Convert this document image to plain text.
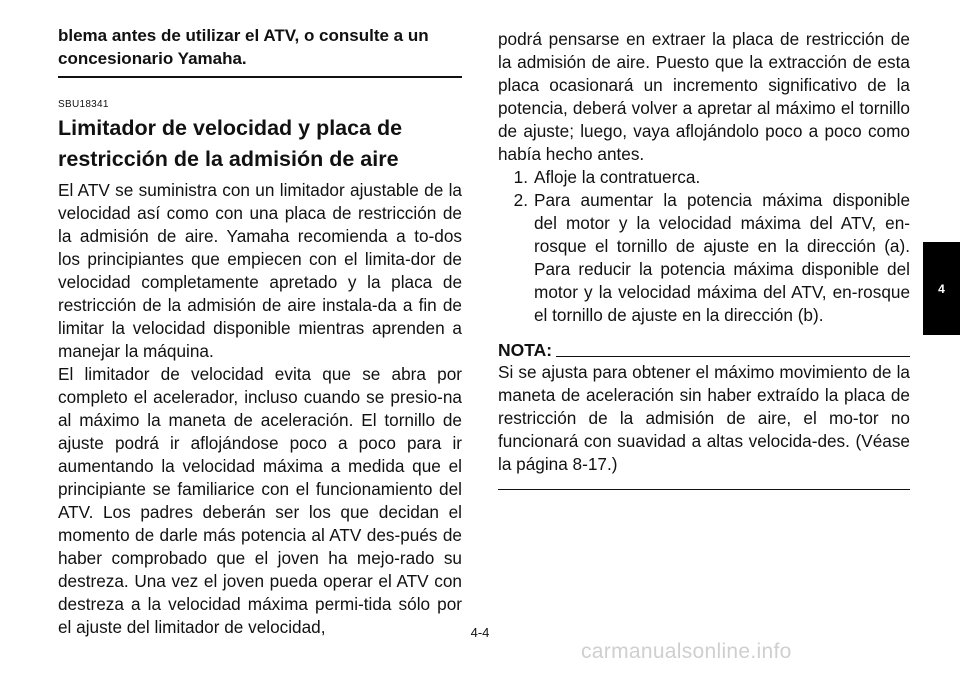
blema antes de utilizar el ATV, o consulte a un concesionario Yamaha.
SBU18341
Limitador de velocidad y placa de
restricción de la admisión de aire

El ATV se suministra con un limitador ajustable de la velocidad así como con una placa de restricción de la admisión de aire. Yamaha recomienda a to-dos los principiantes que empiecen con el limita-dor de velocidad completamente apretado y la placa de restricción de la admisión de aire instala-da a fin de limitar la velocidad disponible mientras aprenden a manejar la máquina.

El limitador de velocidad evita que se abra por completo el acelerador, incluso cuando se presio-na al máximo la maneta de aceleración. El tornillo de ajuste podrá ir aflojándose poco a poco para ir aumentando la velocidad máxima a medida que el principiante se familiarice con el funcionamiento del ATV. Los padres deberán ser los que decidan el momento de darle más potencia al ATV des-pués de haber comprobado que el joven ha mejo-rado su destreza. Una vez el joven pueda operar el ATV con destreza a la velocidad máxima permi-tida sólo por el ajuste del limitador de velocidad,

podrá pensarse en extraer la placa de restricción de la admisión de aire. Puesto que la extracción de esta placa ocasionará un incremento significativo de la potencia, deberá volver a apretar al máximo el tornillo de ajuste; luego, vaya aflojándolo poco a poco como había hecho antes.

1. Afloje la contratuerca.
2. Para aumentar la potencia máxima disponible del motor y la velocidad máxima del ATV, en-rosque el tornillo de ajuste en la dirección (a). Para reducir la potencia máxima disponible del motor y la velocidad máxima del ATV, en-rosque el tornillo de ajuste en la dirección (b).
NOTA:

Si se ajusta para obtener el máximo movimiento de la maneta de aceleración sin haber extraído la placa de restricción de la admisión de aire, el mo-tor no funcionará con suavidad a altas velocida-des. (Véase la página 8-17.)

4
4-4
carmanualsonline.info
